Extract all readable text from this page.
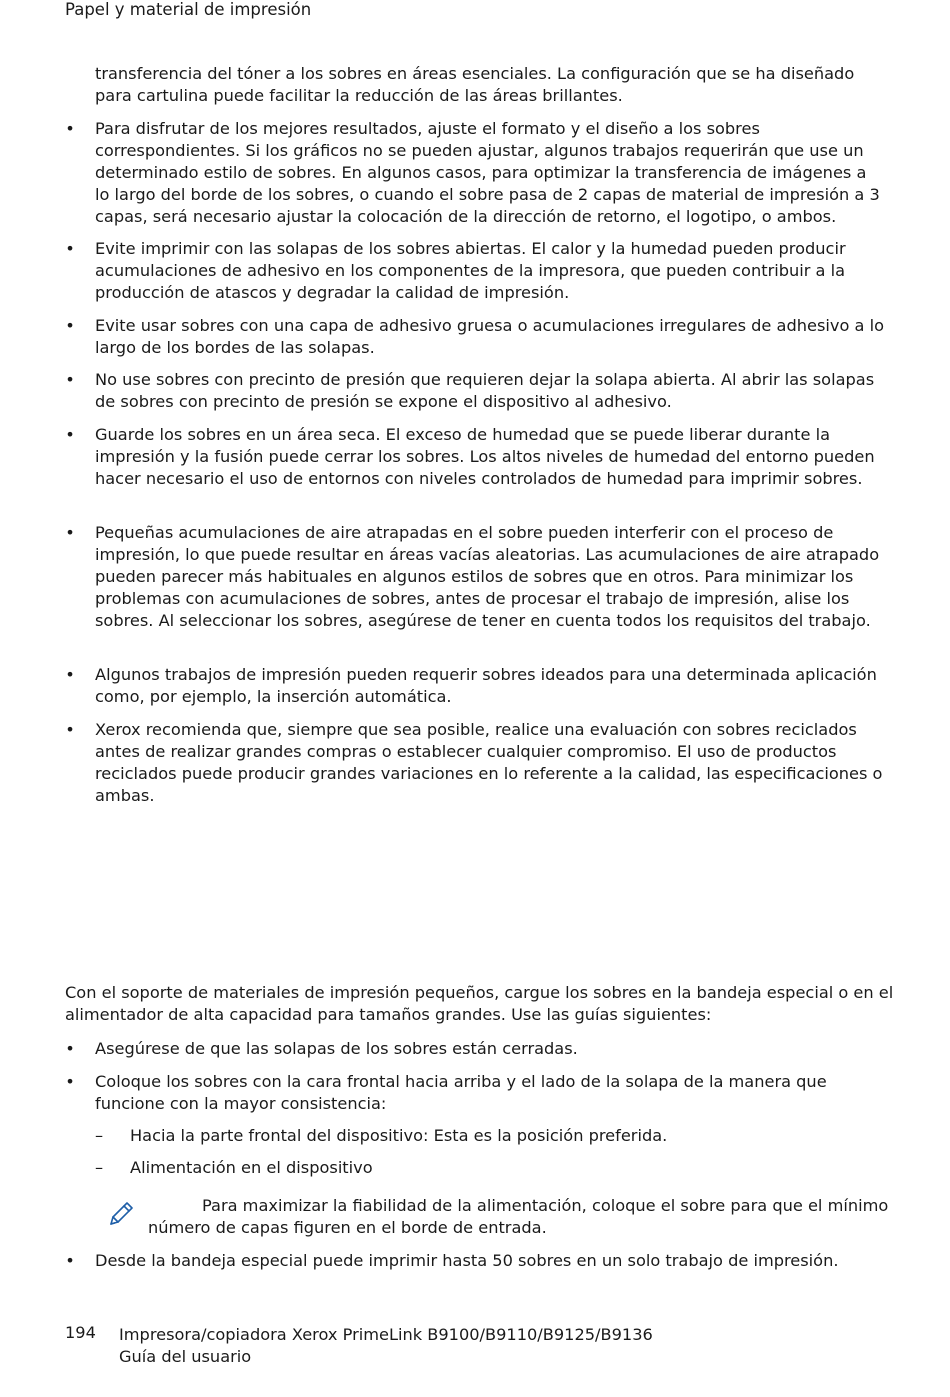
Papel y material de impresión

transferencia del tóner a los sobres en áreas esenciales. La configuración que se ha diseñado para cartulina puede facilitar la reducción de las áreas brillantes.

• Para disfrutar de los mejores resultados, ajuste el formato y el diseño a los sobres correspondientes. Si los gráficos no se pueden ajustar, algunos trabajos requerirán que use un determinado estilo de sobres. En algunos casos, para optimizar la transferencia de imágenes a lo largo del borde de los sobres, o cuando el sobre pasa de 2 capas de material de impresión a 3 capas, será necesario ajustar la colocación de la dirección de retorno, el logotipo, o ambos.
• Evite imprimir con las solapas de los sobres abiertas. El calor y la humedad pueden producir acumulaciones de adhesivo en los componentes de la impresora, que pueden contribuir a la producción de atascos y degradar la calidad de impresión.
• Evite usar sobres con una capa de adhesivo gruesa o acumulaciones irregulares de adhesivo a lo largo de los bordes de las solapas.
• No use sobres con precinto de presión que requieren dejar la solapa abierta. Al abrir las solapas de sobres con precinto de presión se expone el dispositivo al adhesivo.
• Guarde los sobres en un área seca. El exceso de humedad que se puede liberar durante la impresión y la fusión puede cerrar los sobres. Los altos niveles de humedad del entorno pueden hacer necesario el uso de entornos con niveles controlados de humedad para imprimir sobres.
• Pequeñas acumulaciones de aire atrapadas en el sobre pueden interferir con el proceso de impresión, lo que puede resultar en áreas vacías aleatorias. Las acumulaciones de aire atrapado pueden parecer más habituales en algunos estilos de sobres que en otros. Para minimizar los problemas con acumulaciones de sobres, antes de procesar el trabajo de impresión, alise los sobres. Al seleccionar los sobres, asegúrese de tener en cuenta todos los requisitos del trabajo.
• Algunos trabajos de impresión pueden requerir sobres ideados para una determinada aplicación como, por ejemplo, la inserción automática.
• Xerox recomienda que, siempre que sea posible, realice una evaluación con sobres reciclados antes de realizar grandes compras o establecer cualquier compromiso. El uso de productos reciclados puede producir grandes variaciones en lo referente a la calidad, las especificaciones o ambas.
Con el soporte de materiales de impresión pequeños, cargue los sobres en la bandeja especial o en el alimentador de alta capacidad para tamaños grandes. Use las guías siguientes:
• Asegúrese de que las solapas de los sobres están cerradas.
• Coloque los sobres con la cara frontal hacia arriba y el lado de la solapa de la manera que funcione con la mayor consistencia:
– Hacia la parte frontal del dispositivo: Esta es la posición preferida.
– Alimentación en el dispositivo
Para maximizar la fiabilidad de la alimentación, coloque el sobre para que el mínimo número de capas figuren en el borde de entrada.
• Desde la bandeja especial puede imprimir hasta 50 sobres en un solo trabajo de impresión.
194 Impresora/copiadora Xerox PrimeLink B9100/B9110/B9125/B9136
Guía del usuario
